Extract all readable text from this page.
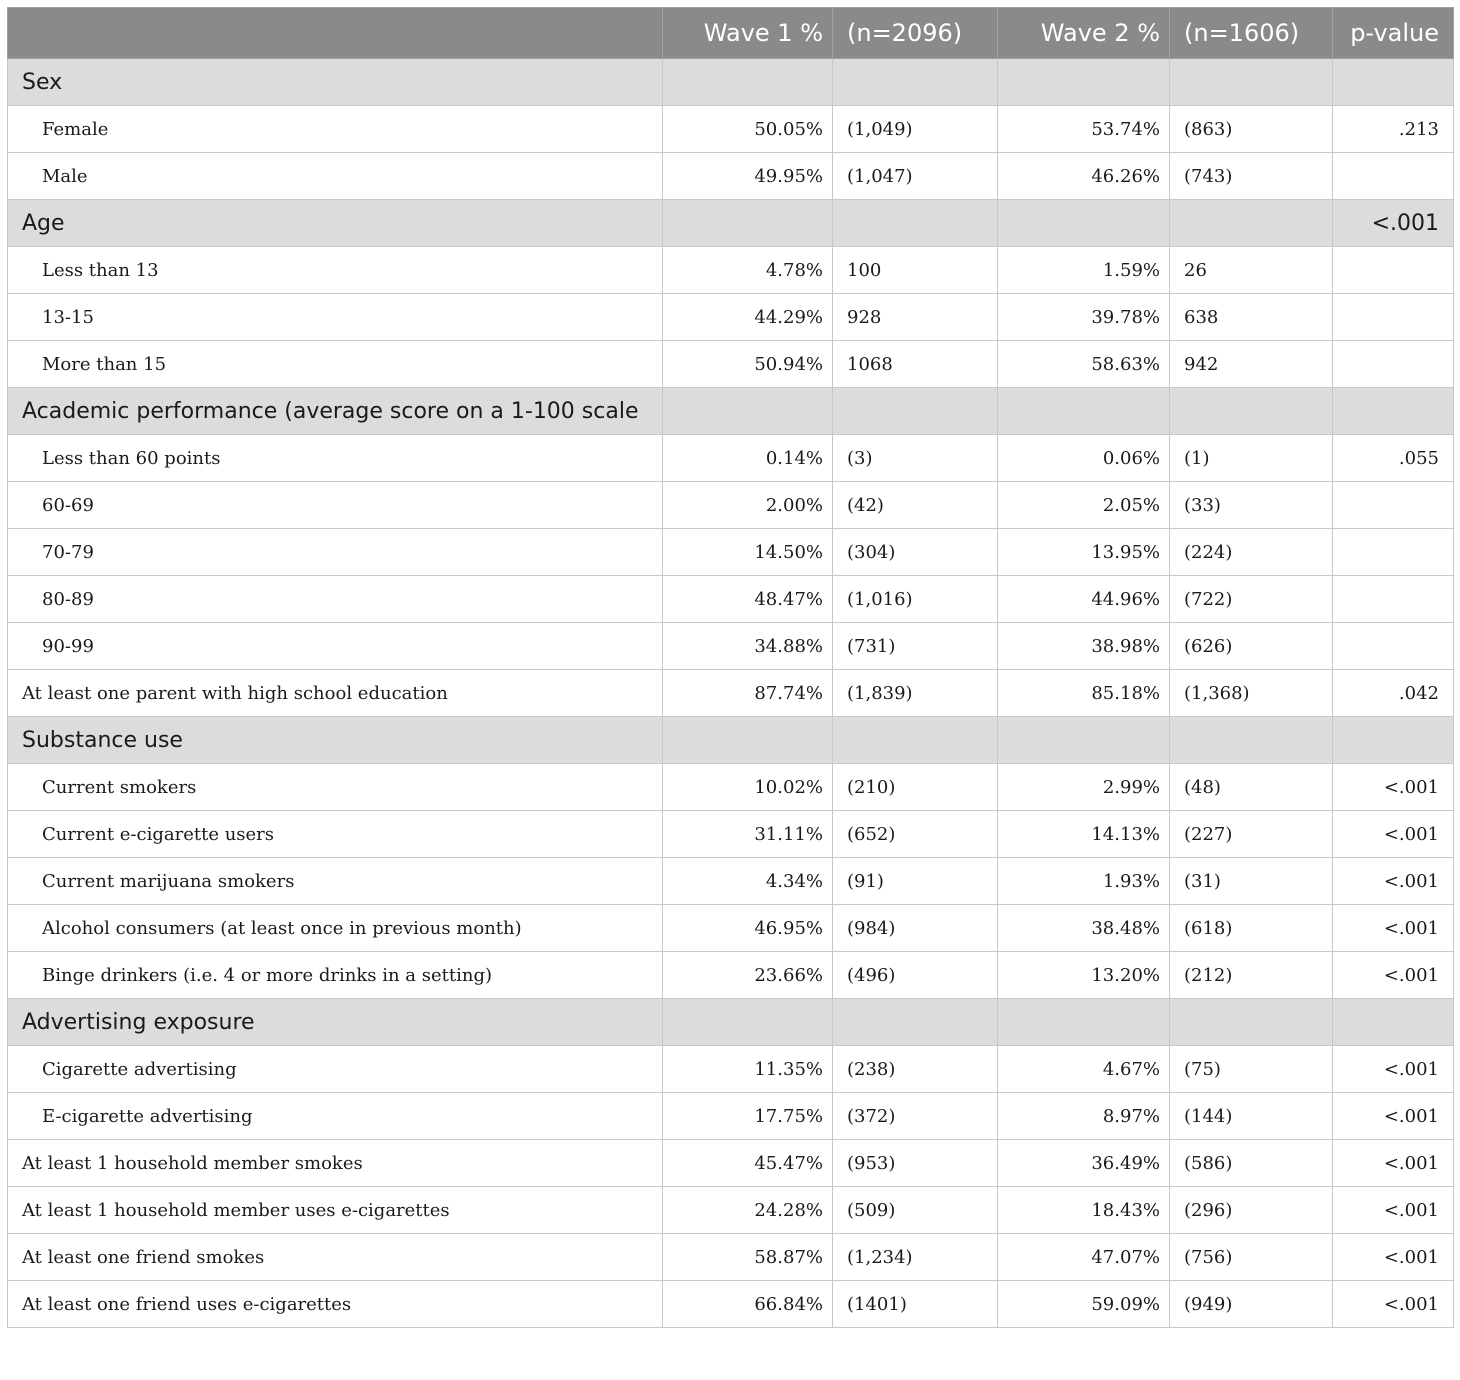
	Wave 1 %	(n=2096)	Wave 2 %	(n=1606)	p-value
Sex					
Female	50.05%	(1,049)	53.74%	(863)	.213
Male	49.95%	(1,047)	46.26%	(743)	
Age					<.001
Less than 13	4.78%	100	1.59%	26	
13-15	44.29%	928	39.78%	638	
More than 15	50.94%	1068	58.63%	942	
Academic performance (average score on a 1-100 scale					
Less than 60 points	0.14%	(3)	0.06%	(1)	.055
60-69	2.00%	(42)	2.05%	(33)	
70-79	14.50%	(304)	13.95%	(224)	
80-89	48.47%	(1,016)	44.96%	(722)	
90-99	34.88%	(731)	38.98%	(626)	
At least one parent with high school education	87.74%	(1,839)	85.18%	(1,368)	.042
Substance use					
Current smokers	10.02%	(210)	2.99%	(48)	<.001
Current e-cigarette users	31.11%	(652)	14.13%	(227)	<.001
Current marijuana smokers	4.34%	(91)	1.93%	(31)	<.001
Alcohol consumers (at least once in previous month)	46.95%	(984)	38.48%	(618)	<.001
Binge drinkers (i.e. 4 or more drinks in a setting)	23.66%	(496)	13.20%	(212)	<.001
Advertising exposure					
Cigarette advertising	11.35%	(238)	4.67%	(75)	<.001
E-cigarette advertising	17.75%	(372)	8.97%	(144)	<.001
At least 1 household member smokes	45.47%	(953)	36.49%	(586)	<.001
At least 1 household member uses e-cigarettes	24.28%	(509)	18.43%	(296)	<.001
At least one friend smokes	58.87%	(1,234)	47.07%	(756)	<.001
At least one friend uses e-cigarettes	66.84%	(1401)	59.09%	(949)	<.001
